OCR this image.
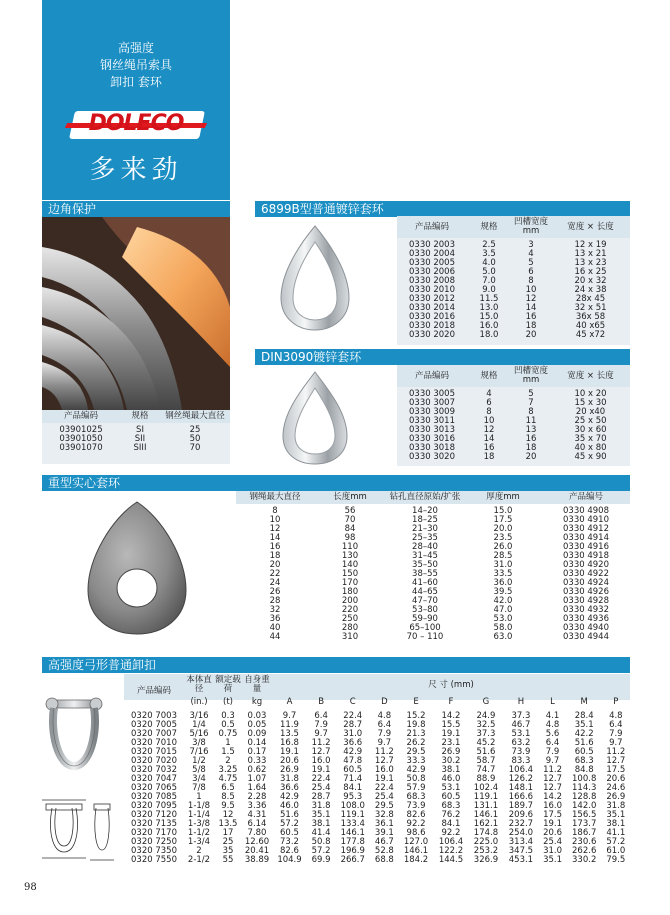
高强度
钢丝绳吊索具
卸扣 套环
DOLECO
多来劲
边角保护
产品编码	规格	钢丝绳最大直径
03901025	SI	25
03901050	SII	50
03901070	SIII	70
6899B型普通镀锌套环
产品编码	规格	凹槽宽度mm	宽度 × 长度
0330 2003	2.5	3	12 x 19
0330 2004	3.5	4	13 x 21
0330 2005	4.0	5	13 x 23
0330 2006	5.0	6	16 x 25
0330 2008	7.0	8	20 x 32
0330 2010	9.0	10	24 x 38
0330 2012	11.5	12	28x 45
0330 2014	13.0	14	32 x 51
0330 2016	15.0	16	36x 58
0330 2018	16.0	18	40 x65
0330 2020	18.0	20	45 x72
DIN3090镀锌套环
产品编码	规格	凹槽宽度mm	宽度 × 长度
0330 3005	4	5	10 x 20
0330 3007	6	7	15 x 30
0330 3009	8	8	20 x40
0330 3011	10	11	25 x 50
0330 3013	12	13	30 x 60
0330 3016	14	16	35 x 70
0330 3018	16	18	40 x 80
0330 3020	18	20	45 x 90
重型实心套环
钢绳最大直径	长度mm	钻孔直径原始/扩张	厚度mm	产品编号
8	56	14–20	15.0	0330 4908
10	70	18–25	17.5	0330 4910
12	84	21–30	20.0	0330 4912
14	98	25–35	23.5	0330 4914
16	110	28–40	26.0	0330 4916
18	130	31–45	28.5	0330 4918
20	140	35–50	31.0	0330 4920
22	150	38–55	33.5	0330 4922
24	170	41–60	36.0	0330 4924
26	180	44–65	39.5	0330 4926
28	200	47–70	42.0	0330 4928
32	220	53–80	47.0	0330 4932
36	250	59–90	53.0	0330 4936
40	280	65–100	58.0	0330 4940
44	310	70 – 110	63.0	0330 4944
高强度弓形普通卸扣
产品编码	本体直径	额定载荷	自身重量	尺 寸 (mm)										
	(in.)	(t)	kg	A	B	C	D	E	F	G	H	L	M	P
0320 7003	3/16	0.3	0.03	9.7	6.4	22.4	4.8	15.2	14.2	24.9	37.3	4.1	28.4	4.8
0320 7005	1/4	0.5	0.05	11.9	7.9	28.7	6.4	19.8	15.5	32.5	46.7	4.8	35.1	6.4
0320 7007	5/16	0.75	0.09	13.5	9.7	31.0	7.9	21.3	19.1	37.3	53.1	5.6	42.2	7.9
0320 7010	3/8	1	0.14	16.8	11.2	36.6	9.7	26.2	23.1	45.2	63.2	6.4	51.6	9.7
0320 7015	7/16	1.5	0.17	19.1	12.7	42.9	11.2	29.5	26.9	51.6	73.9	7.9	60.5	11.2
0320 7020	1/2	2	0.33	20.6	16.0	47.8	12.7	33.3	30.2	58.7	83.3	9.7	68.3	12.7
0320 7032	5/8	3.25	0.62	26.9	19.1	60.5	16.0	42.9	38.1	74.7	106.4	11.2	84.8	17.5
0320 7047	3/4	4.75	1.07	31.8	22.4	71.4	19.1	50.8	46.0	88.9	126.2	12.7	100.8	20.6
0320 7065	7/8	6.5	1.64	36.6	25.4	84.1	22.4	57.9	53.1	102.4	148.1	12.7	114.3	24.6
0320 7085	1	8.5	2.28	42.9	28.7	95.3	25.4	68.3	60.5	119.1	166.6	14.2	128.8	26.9
0320 7095	1-1/8	9.5	3.36	46.0	31.8	108.0	29.5	73.9	68.3	131.1	189.7	16.0	142.0	31.8
0320 7120	1-1/4	12	4.31	51.6	35.1	119.1	32.8	82.6	76.2	146.1	209.6	17.5	156.5	35.1
0320 7135	1-3/8	13.5	6.14	57.2	38.1	133.4	36.1	92.2	84.1	162.1	232.7	19.1	173.7	38.1
0320 7170	1-1/2	17	7.80	60.5	41.4	146.1	39.1	98.6	92.2	174.8	254.0	20.6	186.7	41.1
0320 7250	1-3/4	25	12.60	73.2	50.8	177.8	46.7	127.0	106.4	225.0	313.4	25.4	230.6	57.2
0320 7350	2	35	20.41	82.6	57.2	196.9	52.8	146.1	122.2	253.2	347.5	31.0	262.6	61.0
0320 7550	2-1/2	55	38.89	104.9	69.9	266.7	68.8	184.2	144.5	326.9	453.1	35.1	330.2	79.5
98
